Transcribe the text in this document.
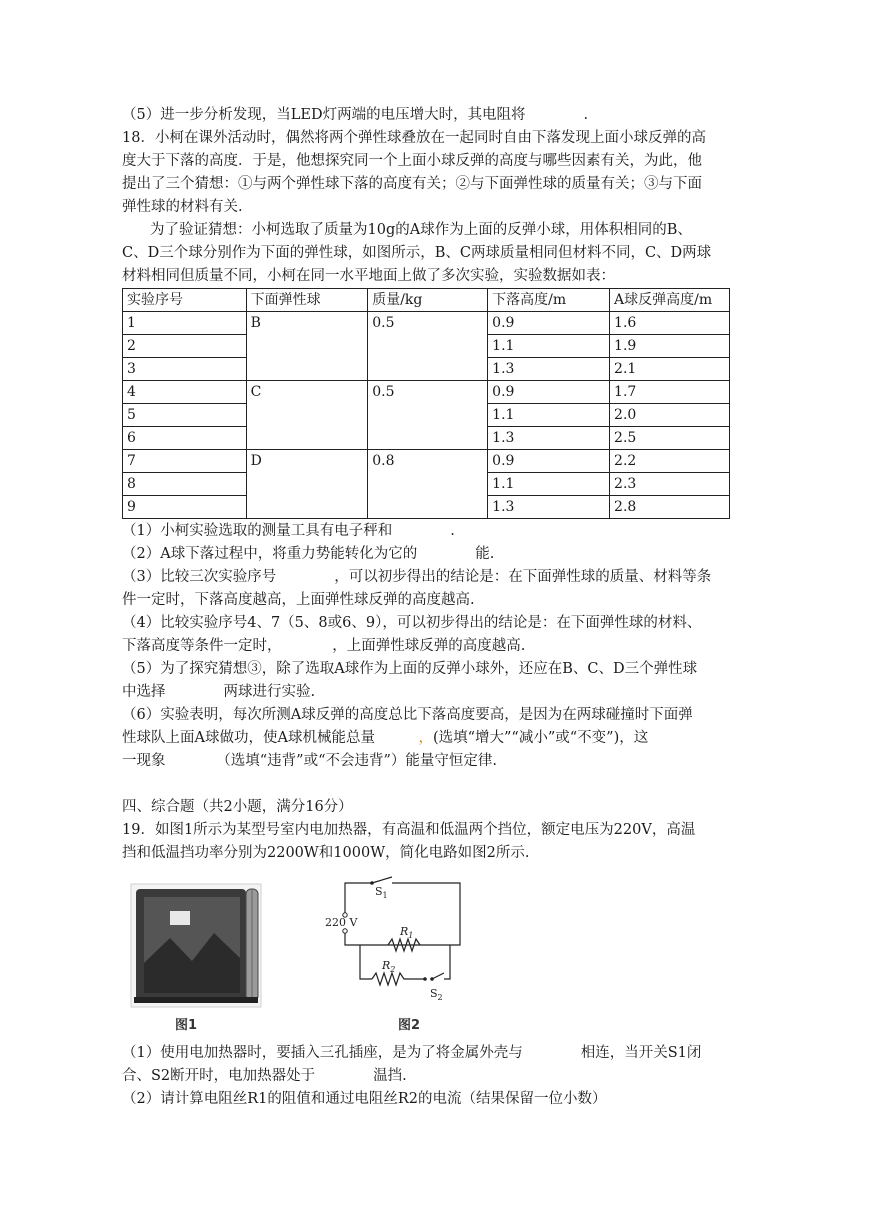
（5）进一步分析发现，当LED灯两端的电压增大时，其电阻将　　　　.
18．小柯在课外活动时，偶然将两个弹性球叠放在一起同时自由下落发现上面小球反弹的高
度大于下落的高度．于是，他想探究同一个上面小球反弹的高度与哪些因素有关，为此，他
提出了三个猜想：①与两个弹性球下落的高度有关；②与下面弹性球的质量有关；③与下面
弹性球的材料有关.
为了验证猜想：小柯选取了质量为10g的A球作为上面的反弹小球，用体积相同的B、
C、D三个球分别作为下面的弹性球，如图所示，B、C两球质量相同但材料不同，C、D两球
材料相同但质量不同，小柯在同一水平地面上做了多次实验，实验数据如表：
实验序号	下面弹性球	质量/kg	下落高度/m	A球反弹高度/m
1	B	0.5	0.9	1.6
2			1.1	1.9
3			1.3	2.1
4	C	0.5	0.9	1.7
5			1.1	2.0
6			1.3	2.5
7	D	0.8	0.9	2.2
8			1.1	2.3
9			1.3	2.8
（1）小柯实验选取的测量工具有电子秤和　　　　.
（2）A球下落过程中，将重力势能转化为它的　　　　能.
（3）比较三次实验序号　　　　，可以初步得出的结论是：在下面弹性球的质量、材料等条
件一定时，下落高度越高，上面弹性球反弹的高度越高.
（4）比较实验序号4、7（5、8或6、9），可以初步得出的结论是：在下面弹性球的材料、
下落高度等条件一定时，　　　　，上面弹性球反弹的高度越高.
（5）为了探究猜想③，除了选取A球作为上面的反弹小球外，还应在B、C、D三个弹性球
中选择　　　　两球进行实验.
（6）实验表明，每次所测A球反弹的高度总比下落高度要高，是因为在两球碰撞时下面弹
性球队上面A球做功，使A球机械能总量　　　，(选填“增大”“减小”或“不变”)，这
一现象　　　　（选填“违背”或“不会违背”）能量守恒定律.
四、综合题（共2小题，满分16分）
19．如图1所示为某型号室内电加热器，有高温和低温两个挡位，额定电压为220V，高温
挡和低温挡功率分别为2200W和1000W，简化电路如图2所示.
图1
$S_1$
220 V
$R_1$
$R_2$
$S_2$
图2
（1）使用电加热器时，要插入三孔插座，是为了将金属外壳与　　　　相连，当开关S1闭
合、S2断开时，电加热器处于　　　　温挡.
（2）请计算电阻丝R1的阻值和通过电阻丝R2的电流（结果保留一位小数）
